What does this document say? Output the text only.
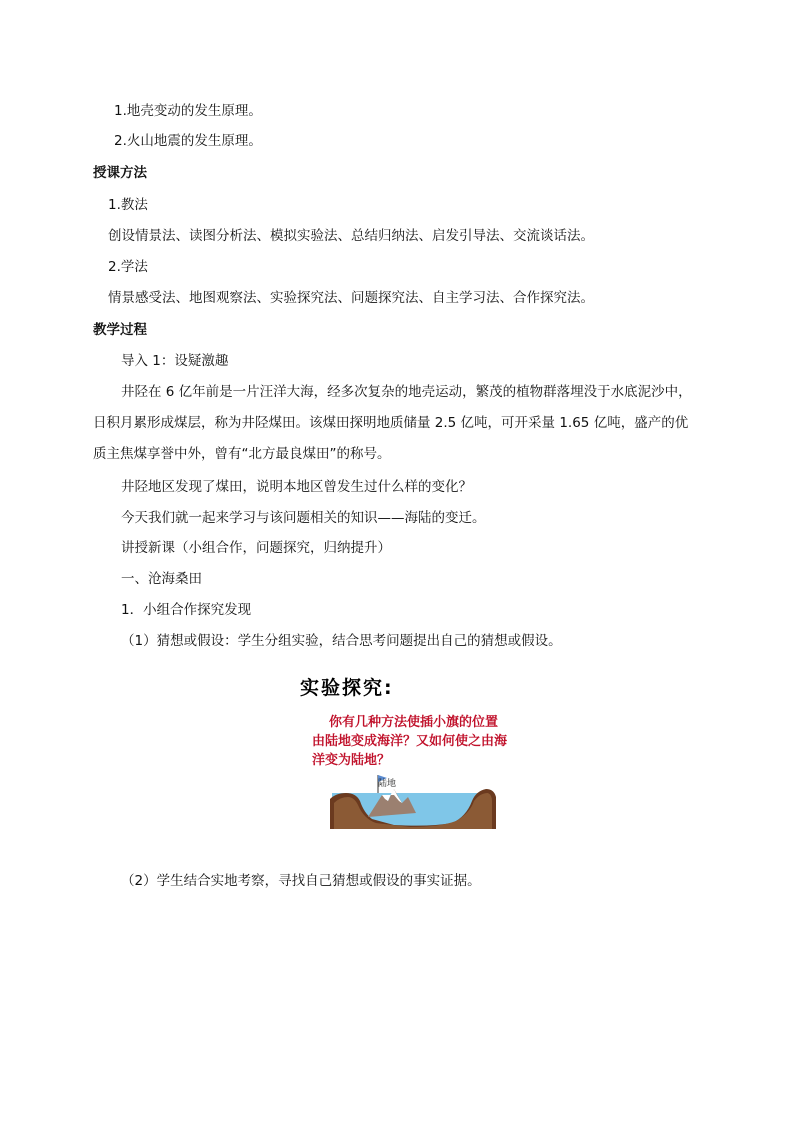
1.地壳变动的发生原理。
2.火山地震的发生原理。
授课方法
1.教法
创设情景法、读图分析法、模拟实验法、总结归纳法、启发引导法、交流谈话法。
2.学法
情景感受法、地图观察法、实验探究法、问题探究法、自主学习法、合作探究法。
教学过程
导入 1：设疑激趣
井陉在 6 亿年前是一片汪洋大海，经多次复杂的地壳运动，繁茂的植物群落埋没于水底泥沙中，
日积月累形成煤层，称为井陉煤田。该煤田探明地质储量 2.5 亿吨，可开采量 1.65 亿吨，盛产的优
质主焦煤享誉中外，曾有“北方最良煤田”的称号。
井陉地区发现了煤田，说明本地区曾发生过什么样的变化？
今天我们就一起来学习与该问题相关的知识——海陆的变迁。
讲授新课（小组合作，问题探究，归纳提升）
一、沧海桑田
1．小组合作探究发现
（1）猜想或假设：学生分组实验，结合思考问题提出自己的猜想或假设。
实验探究:
你有几种方法使插小旗的位置
由陆地变成海洋？又如何使之由海
洋变为陆地？
陆地
（2）学生结合实地考察，寻找自己猜想或假设的事实证据。
